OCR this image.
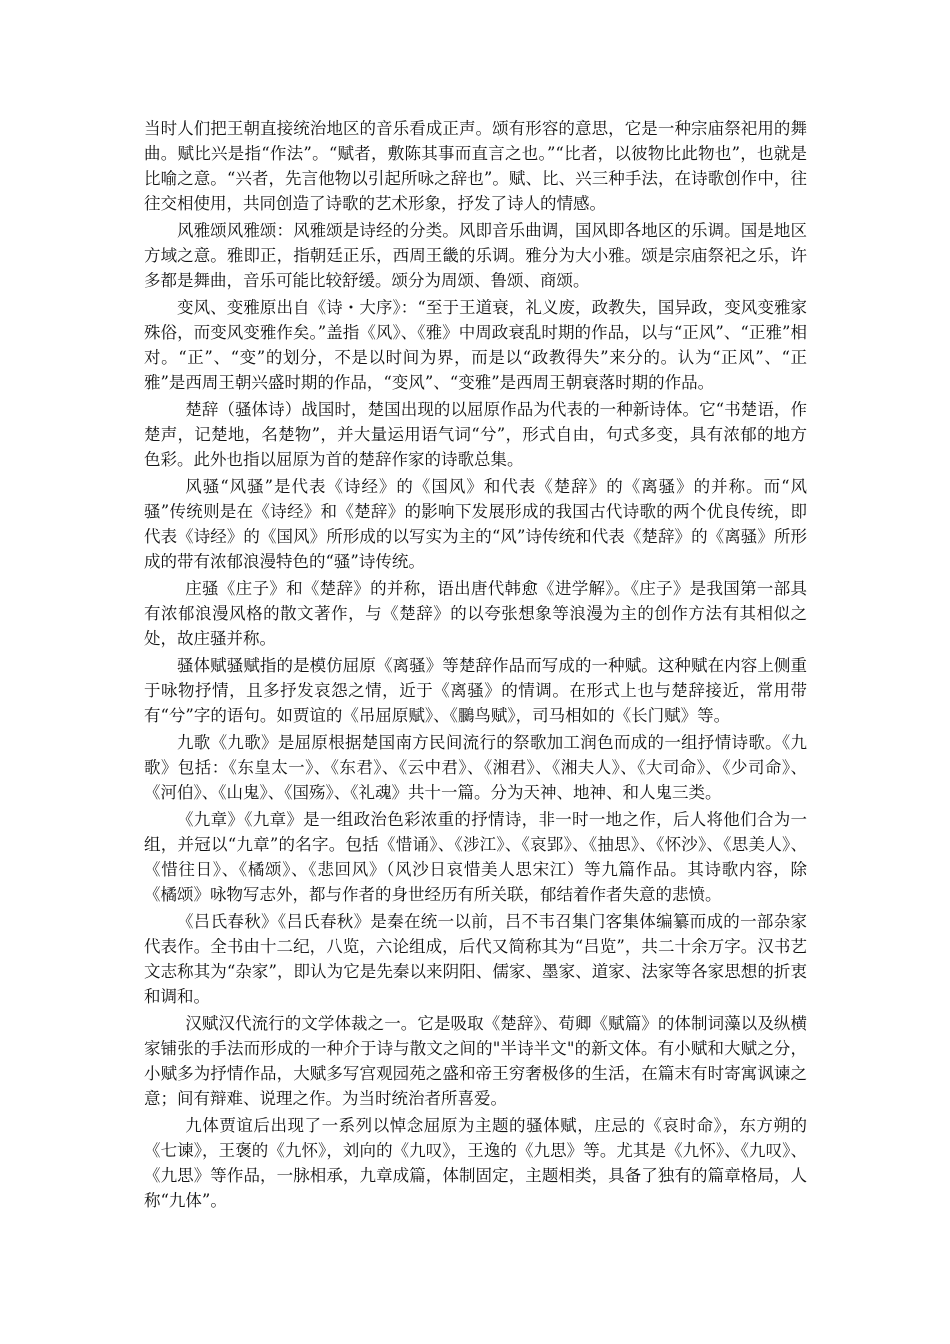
当时人们把王朝直接统治地区的音乐看成正声。颂有形容的意思，它是一种宗庙祭祀用的舞曲。赋比兴是指“作法”。“赋者，敷陈其事而直言之也。”“比者，以彼物比此物也”，也就是比喻之意。“兴者，先言他物以引起所咏之辞也”。赋、比、兴三种手法，在诗歌创作中，往往交相使用，共同创造了诗歌的艺术形象，抒发了诗人的情感。

风雅颂风雅颂：风雅颂是诗经的分类。风即音乐曲调，国风即各地区的乐调。国是地区方域之意。雅即正，指朝廷正乐，西周王畿的乐调。雅分为大小雅。颂是宗庙祭祀之乐，许多都是舞曲，音乐可能比较舒缓。颂分为周颂、鲁颂、商颂。

变风、变雅原出自《诗・大序》：“至于王道衰，礼义废，政教失，国异政，变风变雅家殊俗，而变风变雅作矣。”盖指《风》、《雅》中周政衰乱时期的作品，以与“正风”、“正雅”相对。“正”、“变”的划分，不是以时间为界，而是以“政教得失”来分的。认为“正风”、“正雅”是西周王朝兴盛时期的作品，“变风”、“变雅”是西周王朝衰落时期的作品。

楚辞（骚体诗）战国时，楚国出现的以屈原作品为代表的一种新诗体。它“书楚语，作楚声，记楚地，名楚物”，并大量运用语气词“兮”，形式自由，句式多变，具有浓郁的地方色彩。此外也指以屈原为首的楚辞作家的诗歌总集。

风骚“风骚”是代表《诗经》的《国风》和代表《楚辞》的《离骚》的并称。而“风骚”传统则是在《诗经》和《楚辞》的影响下发展形成的我国古代诗歌的两个优良传统，即代表《诗经》的《国风》所形成的以写实为主的“风”诗传统和代表《楚辞》的《离骚》所形成的带有浓郁浪漫特色的“骚”诗传统。

庄骚《庄子》和《楚辞》的并称，语出唐代韩愈《进学解》。《庄子》是我国第一部具有浓郁浪漫风格的散文著作，与《楚辞》的以夸张想象等浪漫为主的创作方法有其相似之处，故庄骚并称。

骚体赋骚赋指的是模仿屈原《离骚》等楚辞作品而写成的一种赋。这种赋在内容上侧重于咏物抒情，且多抒发哀怨之情，近于《离骚》的情调。在形式上也与楚辞接近，常用带有“兮”字的语句。如贾谊的《吊屈原赋》、《鵩鸟赋》，司马相如的《长门赋》等。

九歌《九歌》是屈原根据楚国南方民间流行的祭歌加工润色而成的一组抒情诗歌。《九歌》包括：《东皇太一》、《东君》、《云中君》、《湘君》、《湘夫人》、《大司命》、《少司命》、《河伯》、《山鬼》、《国殇》、《礼魂》共十一篇。分为天神、地神、和人鬼三类。

《九章》《九章》是一组政治色彩浓重的抒情诗，非一时一地之作，后人将他们合为一组，并冠以“九章”的名字。包括《惜诵》、《涉江》、《哀郢》、《抽思》、《怀沙》、《思美人》、《惜往日》、《橘颂》、《悲回风》（风沙日哀惜美人思宋江）等九篇作品。其诗歌内容，除《橘颂》咏物写志外，都与作者的身世经历有所关联，郁结着作者失意的悲愤。

《吕氏春秋》《吕氏春秋》是秦在统一以前，吕不韦召集门客集体编纂而成的一部杂家代表作。全书由十二纪，八览，六论组成，后代又简称其为“吕览”，共二十余万字。汉书艺文志称其为“杂家”，即认为它是先秦以来阴阳、儒家、墨家、道家、法家等各家思想的折衷和调和。

汉赋汉代流行的文学体裁之一。它是吸取《楚辞》、荀卿《赋篇》的体制词藻以及纵横家铺张的手法而形成的一种介于诗与散文之间的"半诗半文"的新文体。有小赋和大赋之分，小赋多为抒情作品，大赋多写宫观园苑之盛和帝王穷奢极侈的生活，在篇末有时寄寓讽谏之意；间有辩难、说理之作。为当时统治者所喜爱。

九体贾谊后出现了一系列以悼念屈原为主题的骚体赋，庄忌的《哀时命》，东方朔的《七谏》，王褒的《九怀》，刘向的《九叹》，王逸的《九思》等。尤其是《九怀》、《九叹》、《九思》等作品，一脉相承，九章成篇，体制固定，主题相类，具备了独有的篇章格局，人称“九体”。
